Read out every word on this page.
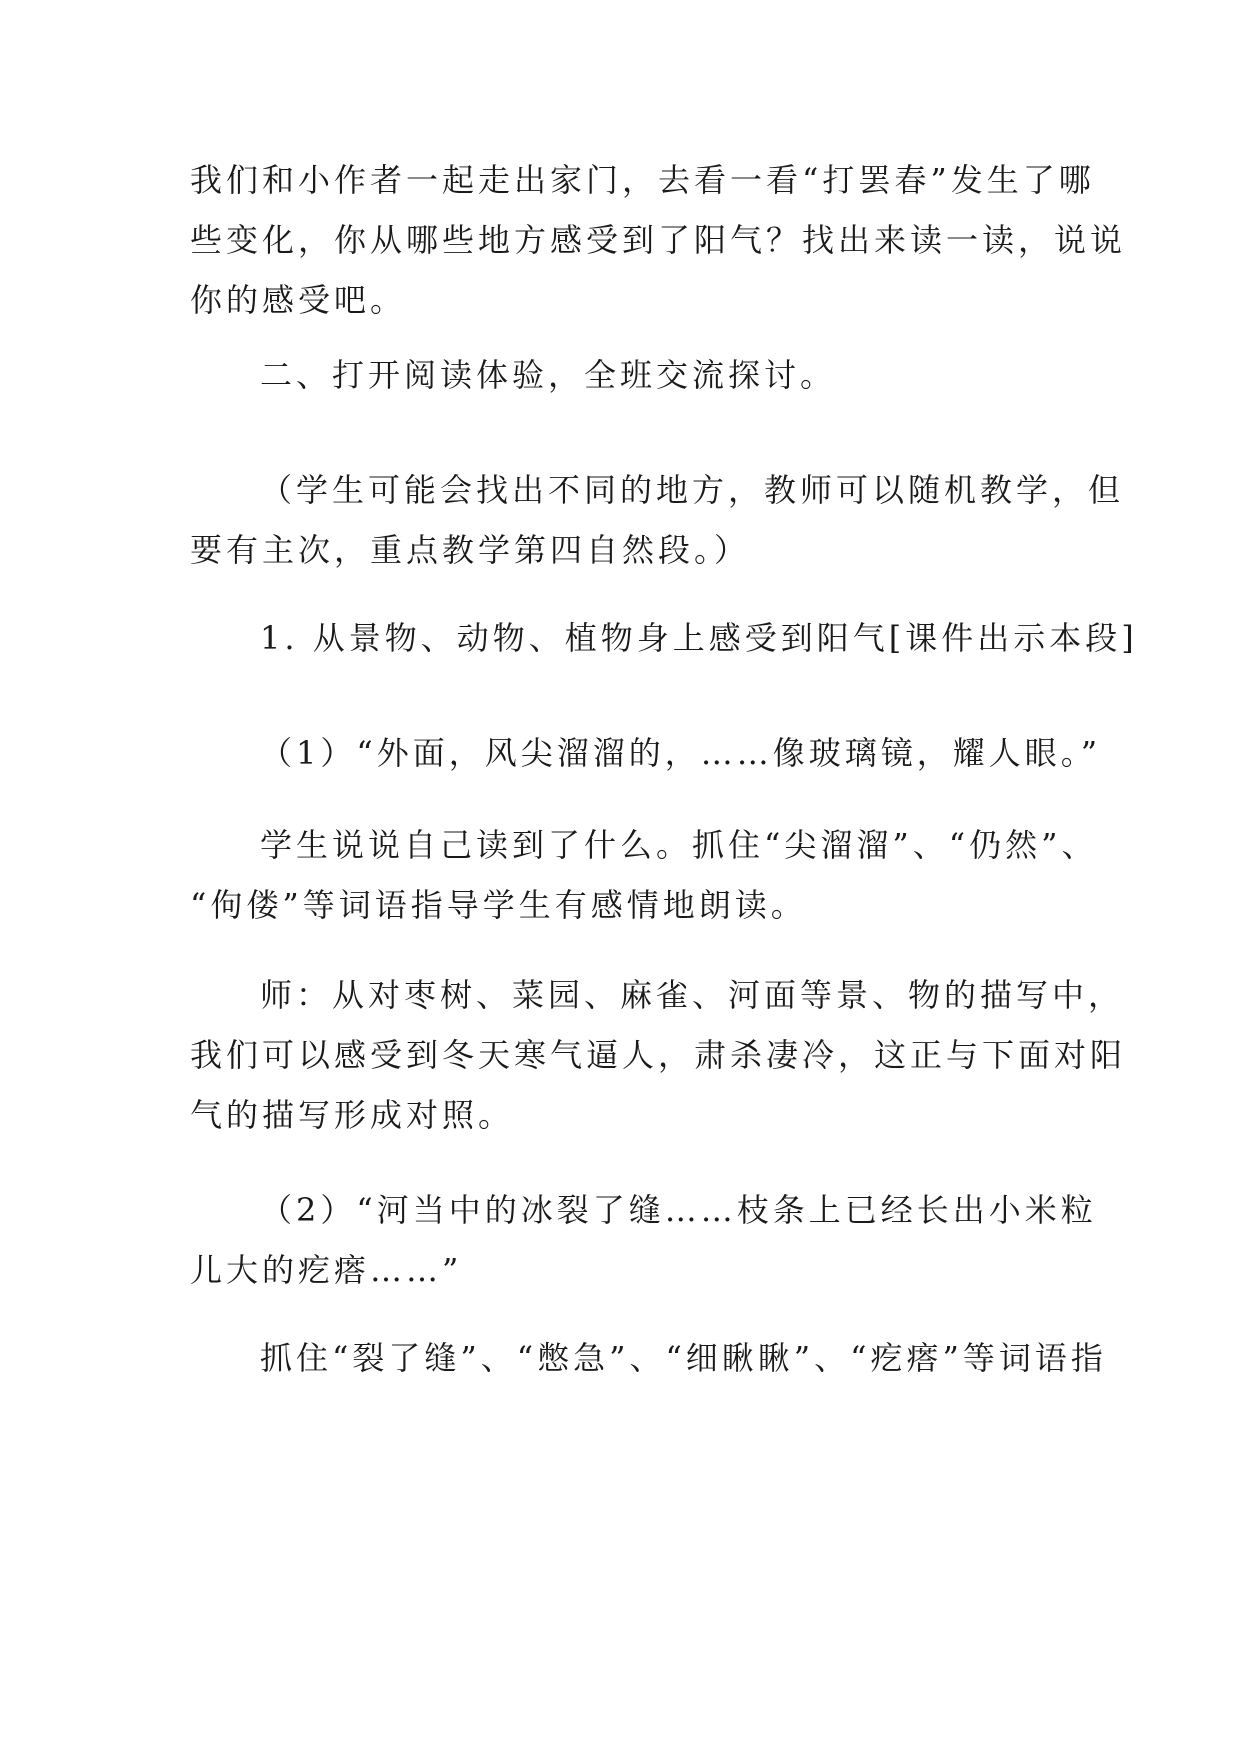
我们和小作者一起走出家门，去看一看“打罢春”发生了哪
些变化，你从哪些地方感受到了阳气？找出来读一读，说说
你的感受吧。

二、打开阅读体验，全班交流探讨。

（学生可能会找出不同的地方，教师可以随机教学，但
要有主次，重点教学第四自然段。）

1. 从景物、动物、植物身上感受到阳气[课件出示本段]

（1）“外面，风尖溜溜的，……像玻璃镜，耀人眼。”

学生说说自己读到了什么。抓住“尖溜溜”、“仍然”、
“佝偻”等词语指导学生有感情地朗读。

师：从对枣树、菜园、麻雀、河面等景、物的描写中，
我们可以感受到冬天寒气逼人，肃杀凄冷，这正与下面对阳
气的描写形成对照。

（2）“河当中的冰裂了缝……枝条上已经长出小米粒
儿大的疙瘩……”

抓住“裂了缝”、“憋急”、“细瞅瞅”、“疙瘩”等词语指
